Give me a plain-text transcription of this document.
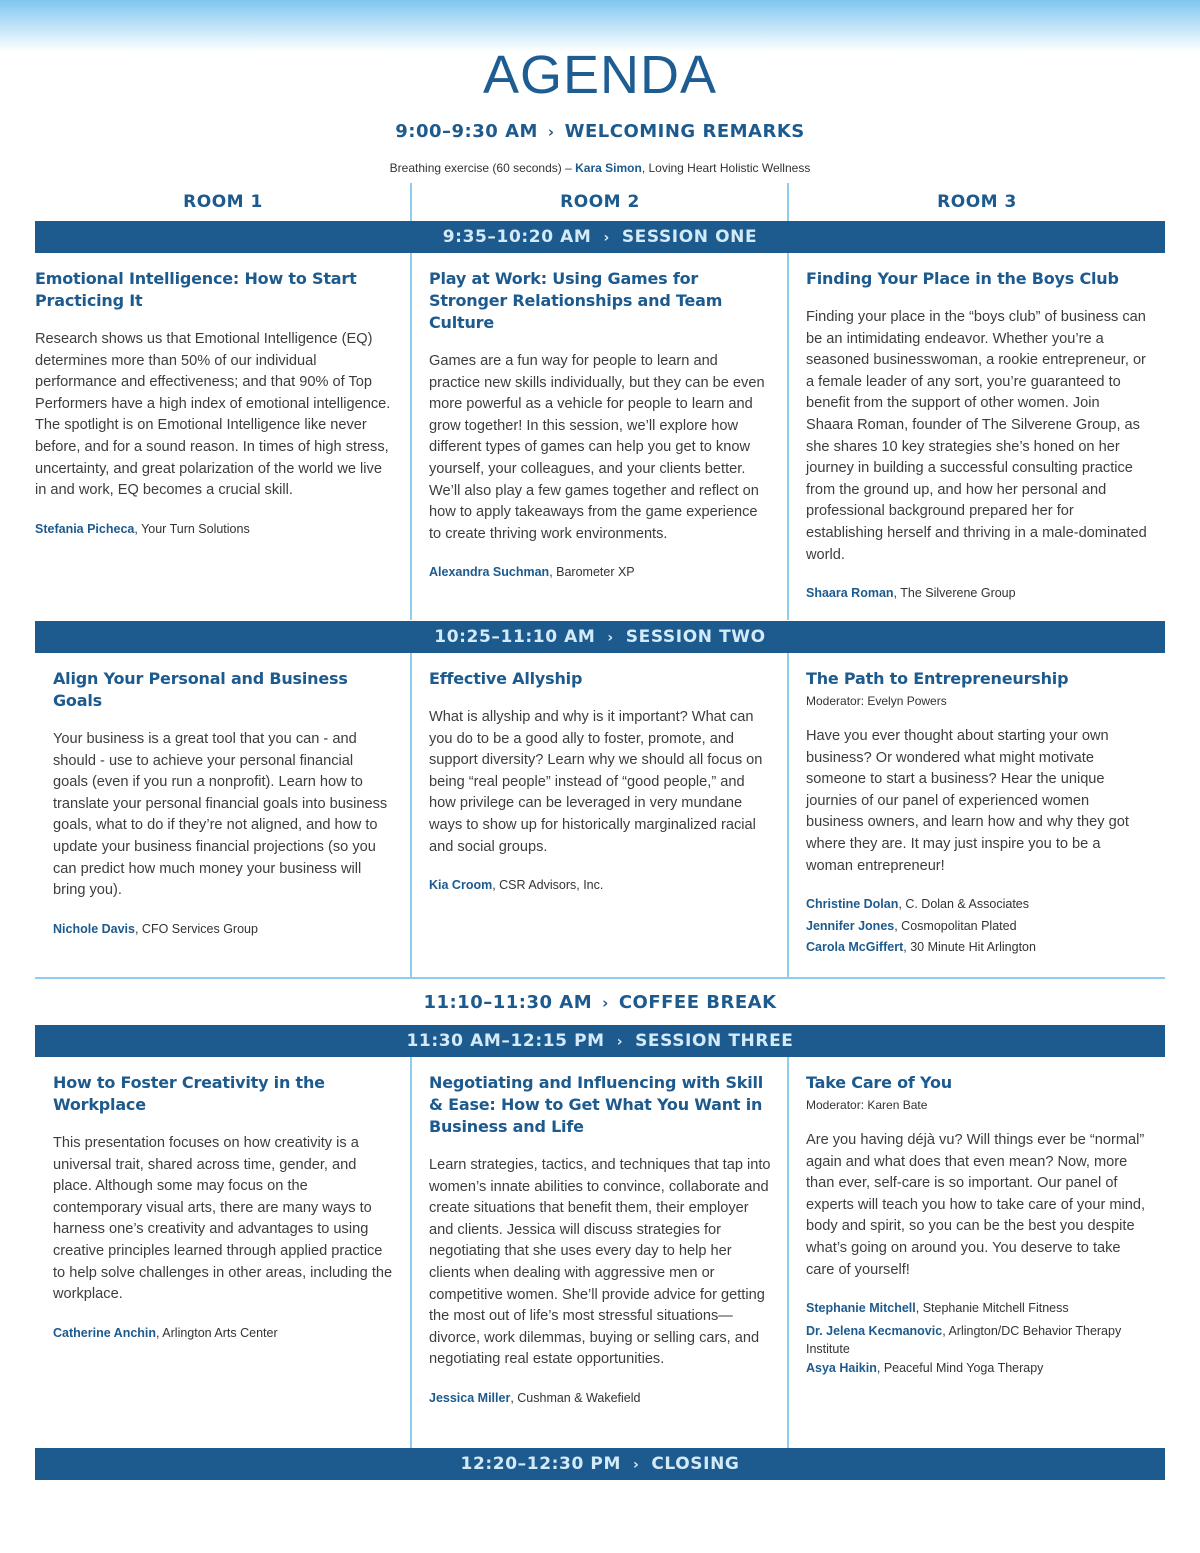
AGENDA
9:00–9:30 AM › WELCOMING REMARKS
Breathing exercise (60 seconds) – Kara Simon, Loving Heart Holistic Wellness
ROOM 1	ROOM 2	ROOM 3
9:35–10:20 AM › SESSION ONE
Emotional Intelligence: How to Start Practicing It

Research shows us that Emotional Intelligence (EQ) determines more than 50% of our individual performance and effectiveness; and that 90% of Top Performers have a high index of emotional intelligence. The spotlight is on Emotional Intelligence like never before, and for a sound reason. In times of high stress, uncertainty, and great polarization of the world we live in and work, EQ becomes a crucial skill.

Stefania Picheca, Your Turn Solutions
Play at Work: Using Games for Stronger Relationships and Team Culture

Games are a fun way for people to learn and practice new skills individually, but they can be even more powerful as a vehicle for people to learn and grow together! In this session, we’ll explore how different types of games can help you get to know yourself, your colleagues, and your clients better. We’ll also play a few games together and reflect on how to apply takeaways from the game experience to create thriving work environments.

Alexandra Suchman, Barometer XP
Finding Your Place in the Boys Club

Finding your place in the “boys club” of business can be an intimidating endeavor. Whether you’re a seasoned businesswoman, a rookie entrepreneur, or a female leader of any sort, you’re guaranteed to benefit from the support of other women. Join Shaara Roman, founder of The Silverene Group, as she shares 10 key strategies she’s honed on her journey in building a successful consulting practice from the ground up, and how her personal and professional background prepared her for establishing herself and thriving in a male-dominated world.

Shaara Roman, The Silverene Group
10:25–11:10 AM › SESSION TWO
Align Your Personal and Business Goals

Your business is a great tool that you can - and should - use to achieve your personal financial goals (even if you run a nonprofit). Learn how to translate your personal financial goals into business goals, what to do if they’re not aligned, and how to update your business financial projections (so you can predict how much money your business will bring you).

Nichole Davis, CFO Services Group
Effective Allyship

What is allyship and why is it important? What can you do to be a good ally to foster, promote, and support diversity? Learn why we should all focus on being “real people” instead of “good people,” and how privilege can be leveraged in very mundane ways to show up for historically marginalized racial and social groups.

Kia Croom, CSR Advisors, Inc.
The Path to Entrepreneurship
Moderator: Evelyn Powers

Have you ever thought about starting your own business? Or wondered what might motivate someone to start a business? Hear the unique journies of our panel of experienced women business owners, and learn how and why they got where they are. It may just inspire you to be a woman entrepreneur!

Christine Dolan, C. Dolan & Associates
Jennifer Jones, Cosmopolitan Plated
Carola McGiffert, 30 Minute Hit Arlington
11:10–11:30 AM › COFFEE BREAK
11:30 AM–12:15 PM › SESSION THREE
How to Foster Creativity in the Workplace

This presentation focuses on how creativity is a universal trait, shared across time, gender, and place. Although some may focus on the contemporary visual arts, there are many ways to harness one’s creativity and advantages to using creative principles learned through applied practice to help solve challenges in other areas, including the workplace.

Catherine Anchin, Arlington Arts Center
Negotiating and Influencing with Skill & Ease: How to Get What You Want in Business and Life

Learn strategies, tactics, and techniques that tap into women’s innate abilities to convince, collaborate and create situations that benefit them, their employer and clients. Jessica will discuss strategies for negotiating that she uses every day to help her clients when dealing with aggressive men or competitive women. She’ll provide advice for getting the most out of life’s most stressful situations—divorce, work dilemmas, buying or selling cars, and negotiating real estate opportunities.

Jessica Miller, Cushman & Wakefield
Take Care of You
Moderator: Karen Bate

Are you having déjà vu? Will things ever be “normal” again and what does that even mean? Now, more than ever, self-care is so important. Our panel of experts will teach you how to take care of your mind, body and spirit, so you can be the best you despite what’s going on around you. You deserve to take care of yourself!

Stephanie Mitchell, Stephanie Mitchell Fitness
Dr. Jelena Kecmanovic, Arlington/DC Behavior Therapy Institute
Asya Haikin, Peaceful Mind Yoga Therapy
12:20–12:30 PM › CLOSING
